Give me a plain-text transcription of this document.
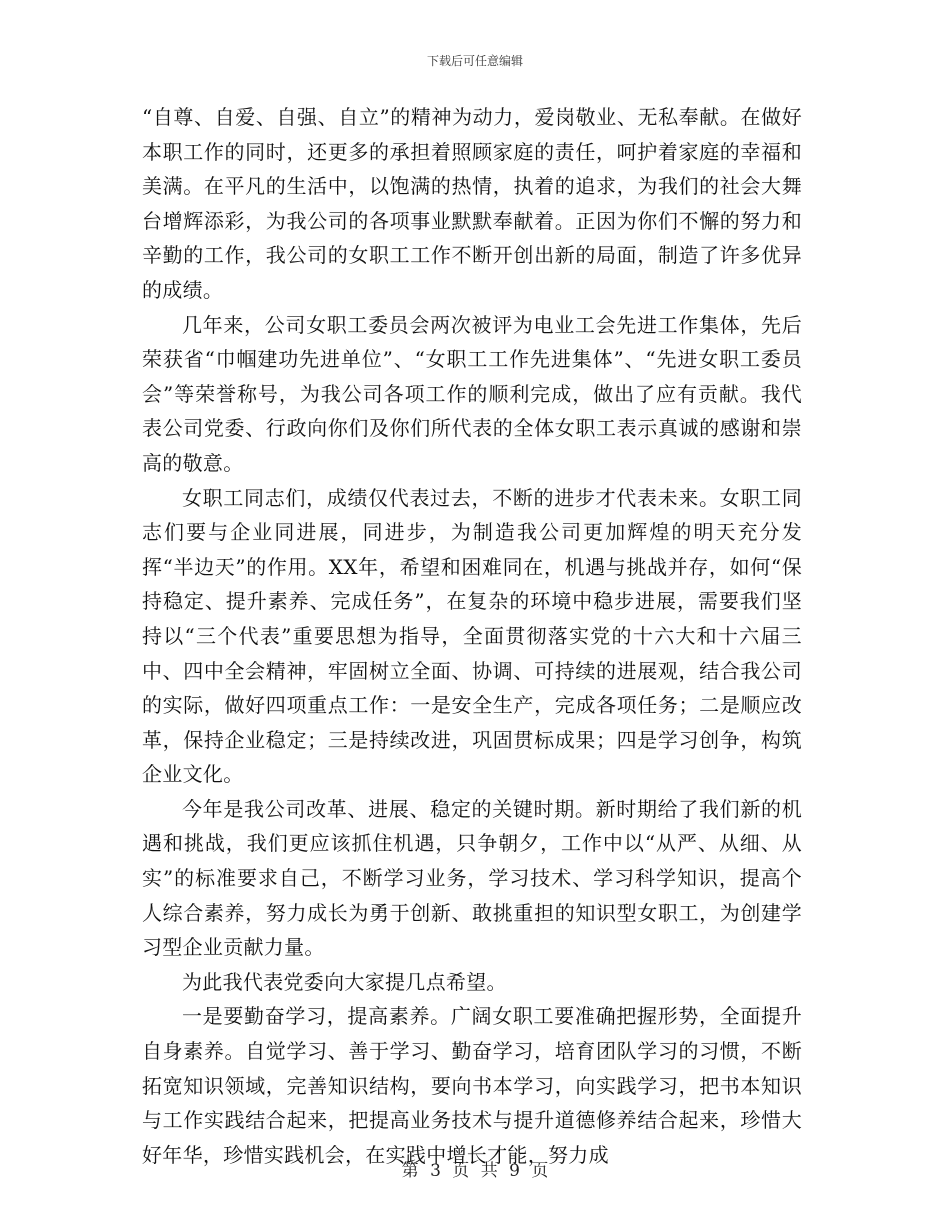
下载后可任意编辑

“自尊、自爱、自强、自立”的精神为动力，爱岗敬业、无私奉献。在做好本职工作的同时，还更多的承担着照顾家庭的责任，呵护着家庭的幸福和美满。在平凡的生活中，以饱满的热情，执着的追求，为我们的社会大舞台增辉添彩，为我公司的各项事业默默奉献着。正因为你们不懈的努力和辛勤的工作，我公司的女职工工作不断开创出新的局面，制造了许多优异的成绩。

几年来，公司女职工委员会两次被评为电业工会先进工作集体，先后荣获省“巾帼建功先进单位”、“女职工工作先进集体”、“先进女职工委员会”等荣誉称号，为我公司各项工作的顺利完成，做出了应有贡献。我代表公司党委、行政向你们及你们所代表的全体女职工表示真诚的感谢和崇高的敬意。

女职工同志们，成绩仅代表过去，不断的进步才代表未来。女职工同志们要与企业同进展，同进步，为制造我公司更加辉煌的明天充分发挥“半边天”的作用。XX年，希望和困难同在，机遇与挑战并存，如何“保持稳定、提升素养、完成任务”，在复杂的环境中稳步进展，需要我们坚持以“三个代表”重要思想为指导，全面贯彻落实党的十六大和十六届三中、四中全会精神，牢固树立全面、协调、可持续的进展观，结合我公司的实际，做好四项重点工作：一是安全生产，完成各项任务；二是顺应改革，保持企业稳定；三是持续改进，巩固贯标成果；四是学习创争，构筑企业文化。

今年是我公司改革、进展、稳定的关键时期。新时期给了我们新的机遇和挑战，我们更应该抓住机遇，只争朝夕，工作中以“从严、从细、从实”的标准要求自己，不断学习业务，学习技术、学习科学知识，提高个人综合素养，努力成长为勇于创新、敢挑重担的知识型女职工，为创建学习型企业贡献力量。

为此我代表党委向大家提几点希望。

一是要勤奋学习，提高素养。广阔女职工要准确把握形势，全面提升自身素养。自觉学习、善于学习、勤奋学习，培育团队学习的习惯，不断拓宽知识领域，完善知识结构，要向书本学习，向实践学习，把书本知识与工作实践结合起来，把提高业务技术与提升道德修养结合起来，珍惜大好年华，珍惜实践机会，在实践中增长才能，努力成

第 3 页 共 9 页
